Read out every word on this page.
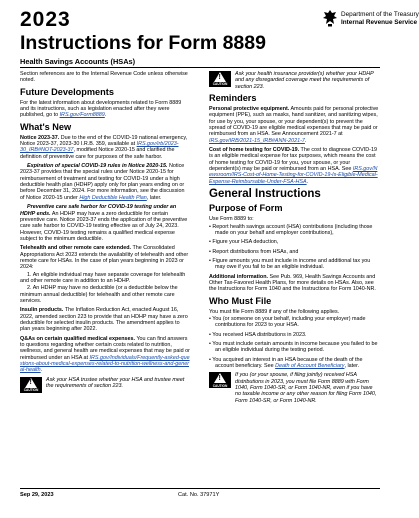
2023	Department of the Treasury
Internal Revenue Service
Instructions for Form 8889
Health Savings Accounts (HSAs)

Section references are to the Internal Revenue Code unless otherwise noted.

Future Developments

For the latest information about developments related to Form 8889 and its instructions, such as legislation enacted after they were published, go to IRS.gov/Form8889.

What's New

Notice 2023-37. Due to the end of the COVID-19 national emergency, Notice 2023-37, 2023-30 I.R.B. 359, available at IRS.gov/irb/2023-30_IRB#NOT-2023-37, modified Notice 2020-15 and clarified the definition of preventive care for purposes of the safe harbor.

Expiration of special COVID-19 rules in Notice 2020-15. Notice 2023-37 provides that the special rules under Notice 2020-15 for reimbursement of treatment and testing for COVID-19 under a high deductible health plan (HDHP) apply only for plan years ending on or before December 31, 2024. For more information, see the discussion of Notice 2020-15 under High Deductible Health Plan, later.

Preventive care safe harbor for COVID-19 testing under an HDHP ends. An HDHP may have a zero deductible for certain preventive care. Notice 2023-37 ends the application of the preventive care safe harbor to COVID-19 testing effective as of July 24, 2023. However, COVID-19 testing remains a qualified medical expense subject to the minimum deductible.

Telehealth and other remote care extended. The Consolidated Appropriations Act 2023 extends the availability of telehealth and other remote care for HSAs. In the case of plan years beginning in 2023 or 2024:

1. An eligible individual may have separate coverage for telehealth and other remote care in addition to an HDHP.

2. An HDHP may have no deductible (or a deductible below the minimum annual deductible) for telehealth and other remote care services.

Insulin products. The Inflation Reduction Act, enacted August 16, 2022, amended section 223 to provide that an HDHP may have a zero deductible for selected insulin products. The amendment applies to plan years beginning after 2022.

Q&As on certain qualified medical expenses. You can find answers to questions regarding whether certain costs related to nutrition, wellness, and general health are medical expenses that may be paid or reimbursed under an HSA at IRS.gov/Individuals/Frequently-asked-questions-about-medical-expenses-related-to-nutrition-wellness-and-general-health.

!
CAUTION
Ask your HSA trustee whether your HSA and trustee meet the requirements of section 223.
!
CAUTION
Ask your health insurance provider(s) whether your HDHP and any disregarded coverage meet the requirements of section 223.
Reminders

Personal protective equipment. Amounts paid for personal protective equipment (PPE), such as masks, hand sanitizer, and sanitizing wipes, for use by you, your spouse, or your dependent(s) to prevent the spread of COVID-19 are eligible medical expenses that may be paid or reimbursed from an HSA. See Announcement 2021-7 at IRS.gov/IRB/2021-15_IRB#ANN-2021-7.

Cost of home testing for COVID-19. The cost to diagnose COVID-19 is an eligible medical expense for tax purposes, which means the cost of home testing for COVID-19 for you, your spouse, or your dependent(s) may be paid or reimbursed from an HSA. See IRS.gov/Newsroom/IRS-Cost-of-Home-Testing-for-COVID-19-Is-Eligible-Medical-Expense-Reimbursable-Under-FSA-HSA.

General Instructions
Purpose of Form

Use Form 8889 to:

• Report health savings account (HSA) contributions (including those made on your behalf and employer contributions),

• Figure your HSA deduction,

• Report distributions from HSAs, and

• Figure amounts you must include in income and additional tax you may owe if you fail to be an eligible individual.

Additional information. See Pub. 969, Health Savings Accounts and Other Tax-Favored Health Plans, for more details on HSAs. Also, see the Instructions for Form 1040 and the Instructions for Form 1040-NR.

Who Must File

You must file Form 8889 if any of the following applies.

• You (or someone on your behalf, including your employer) made contributions for 2023 to your HSA.

• You received HSA distributions in 2023.

• You must include certain amounts in income because you failed to be an eligible individual during the testing period.

• You acquired an interest in an HSA because of the death of the account beneficiary. See Death of Account Beneficiary, later.

!
CAUTION
If you (or your spouse, if filing jointly) received HSA distributions in 2023, you must file Form 8889 with Form 1040, Form 1040-SR, or Form 1040-NR, even if you have no taxable income or any other reason for filing Form 1040, Form 1040-SR, or Form 1040-NR.
Sep 29, 2023	Cat. No. 37971Y
